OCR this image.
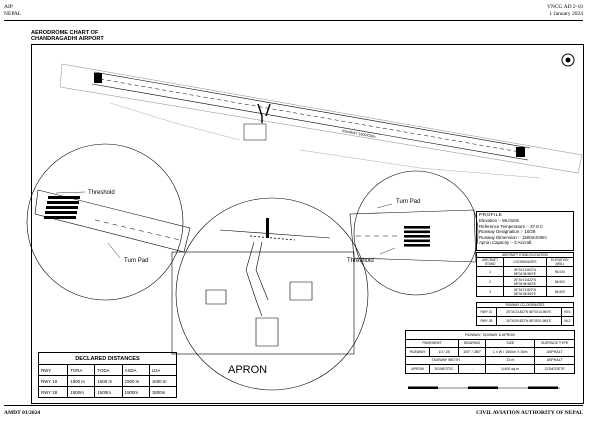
AIP
NEPAL
VNCG AD 2-10
1 January 2024
AERODROME CHART OF
CHANDRAGADHI AIRPORT
Threshold
Turn Pad
Turn Pad
Threshold
APRON
RUNWAY 1500X30m
DECLARED DISTANCES				
RWY	TORA	TODA	ASDA	LDA
RWY 10	1500 m	1500 m	1500 m	1500 m
RWY 28	1500m	1500m	1500m	1500m
PROFILE
Elevation :- 96.010m
Reference Temperature :- 37.8 C
Runway Designation :- 10/28
Runway Dimension :- 1500mX30m
Apron Capacity :- 3 Aircraft
AIRCRAFT STAND ELEVATION		
AIRCRAFT STAND	COORDINATES	ELEVATION (MSL)
1	26°34'13.822"N 88°04'48.984"E	96.044
2	26°34'13.822"N 88°04'48.984"E	96.600
3	26°34'13.822"N 88°04'48.984"E	96.609
RUNWAY CO-ORDINATES		
RWY 10	26°34'23.822"N 88°04'14.984"E	95.6
RWY 28	26°34'09.822"N 88°05'01.984"E	96.2
RUNWAY, TAXIWAY & APRON				
PAVEMENT		BEARING	SIZE	SURFACE TYPE
RUNWAY	10 / 28	100° / 280°	L x W / 1500m X 30m	ASPHALT
TAXIWAY WIDTH			23 m	ASPHALT
APRON	DOMESTIC	-	5,400 sq.m	CONCRETE
AMDT 01/2024	CIVIL AVIATION AUTHORITY OF NEPAL
